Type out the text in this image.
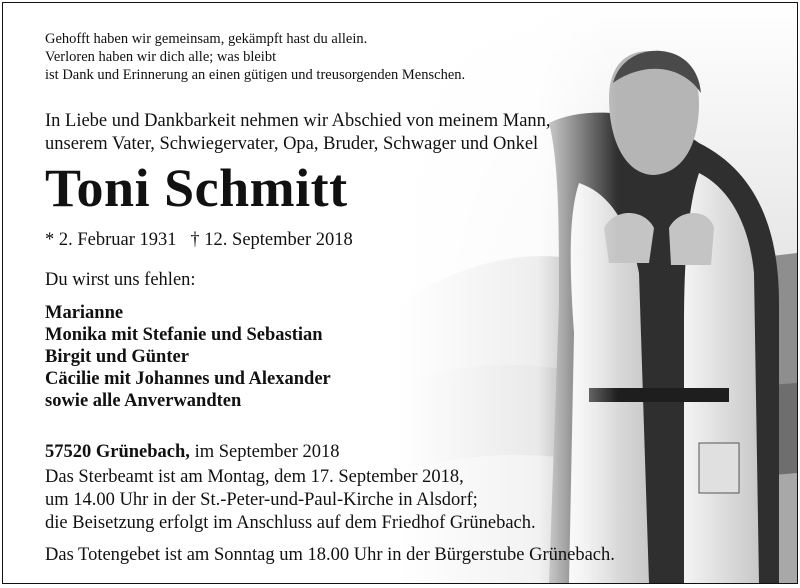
Gehofft haben wir gemeinsam, gekämpft hast du allein.
Verloren haben wir dich alle; was bleibt
ist Dank und Erinnerung an einen gütigen und treusorgenden Menschen.
In Liebe und Dankbarkeit nehmen wir Abschied von meinem Mann,
unserem Vater, Schwiegervater, Opa, Bruder, Schwager und Onkel
Toni Schmitt
* 2. Februar 1931   † 12. September 2018
Du wirst uns fehlen:
Marianne
Monika mit Stefanie und Sebastian
Birgit und Günter
Cäcilie mit Johannes und Alexander
sowie alle Anverwandten
57520 Grünebach, im September 2018
Das Sterbeamt ist am Montag, dem 17. September 2018,
um 14.00 Uhr in der St.-Peter-und-Paul-Kirche in Alsdorf;
die Beisetzung erfolgt im Anschluss auf dem Friedhof Grünebach.
Das Totengebet ist am Sonntag um 18.00 Uhr in der Bürgerstube Grünebach.
